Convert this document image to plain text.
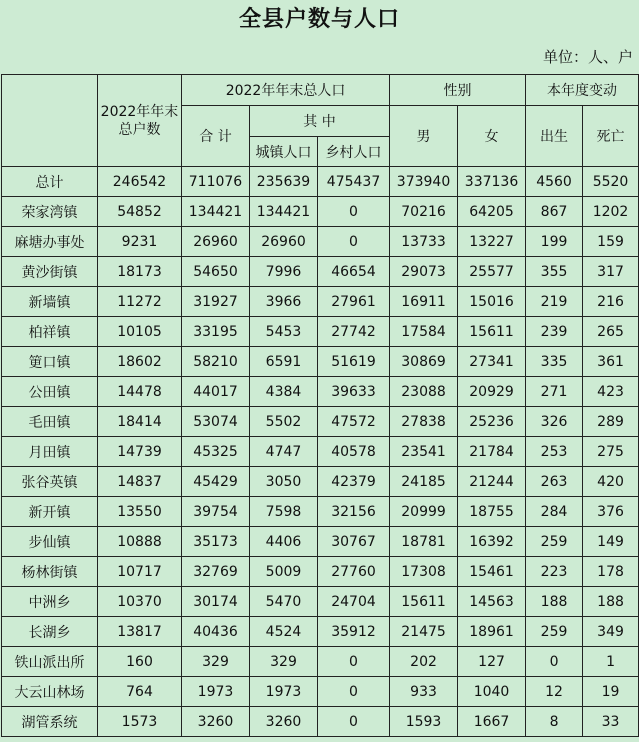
全县户数与人口
单位：人、户
	2022年年末总户数	2022年年末总人口			性别		本年度变动	
		合 计	其 中		男	女	出生	死亡
			城镇人口	乡村人口				
总计	246542	711076	235639	475437	373940	337136	4560	5520
荣家湾镇	54852	134421	134421	0	70216	64205	867	1202
麻塘办事处	9231	26960	26960	0	13733	13227	199	159
黄沙街镇	18173	54650	7996	46654	29073	25577	355	317
新墙镇	11272	31927	3966	27961	16911	15016	219	216
柏祥镇	10105	33195	5453	27742	17584	15611	239	265
筻口镇	18602	58210	6591	51619	30869	27341	335	361
公田镇	14478	44017	4384	39633	23088	20929	271	423
毛田镇	18414	53074	5502	47572	27838	25236	326	289
月田镇	14739	45325	4747	40578	23541	21784	253	275
张谷英镇	14837	45429	3050	42379	24185	21244	263	420
新开镇	13550	39754	7598	32156	20999	18755	284	376
步仙镇	10888	35173	4406	30767	18781	16392	259	149
杨林街镇	10717	32769	5009	27760	17308	15461	223	178
中洲乡	10370	30174	5470	24704	15611	14563	188	188
长湖乡	13817	40436	4524	35912	21475	18961	259	349
铁山派出所	160	329	329	0	202	127	0	1
大云山林场	764	1973	1973	0	933	1040	12	19
湖管系统	1573	3260	3260	0	1593	1667	8	33
